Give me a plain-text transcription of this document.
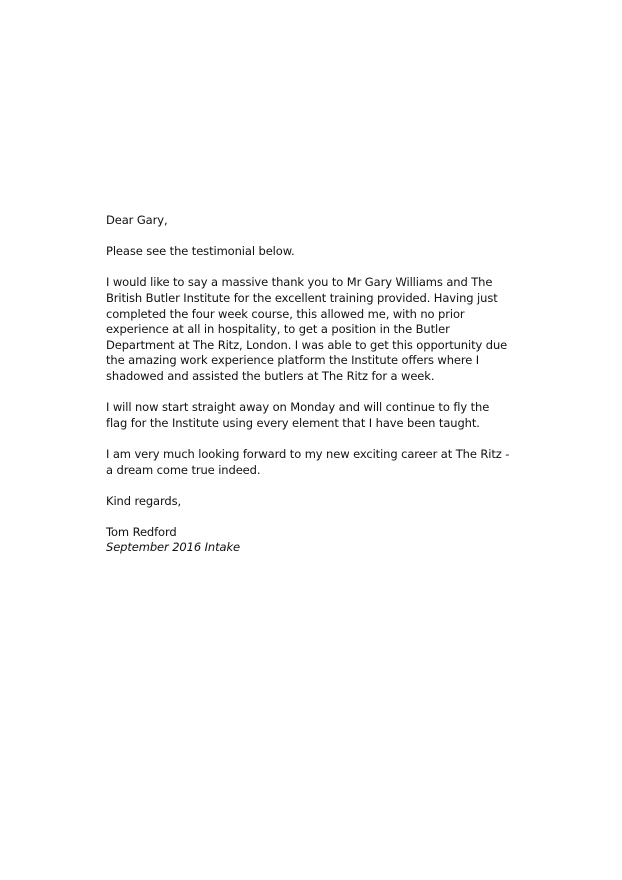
Dear Gary,

Please see the testimonial below.

I would like to say a massive thank you to Mr Gary Williams and The
British Butler Institute for the excellent training provided. Having just
completed the four week course, this allowed me, with no prior
experience at all in hospitality, to get a position in the Butler
Department at The Ritz, London. I was able to get this opportunity due
the amazing work experience platform the Institute offers where I
shadowed and assisted the butlers at The Ritz for a week.

I will now start straight away on Monday and will continue to fly the
flag for the Institute using every element that I have been taught.

I am very much looking forward to my new exciting career at The Ritz -
a dream come true indeed.

Kind regards,

Tom Redford

September 2016 Intake
